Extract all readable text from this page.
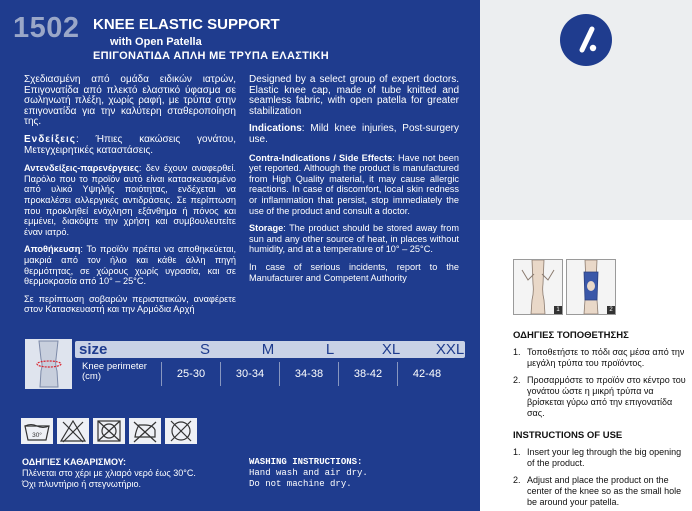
1502 KNEE ELASTIC SUPPORT
with Open Patella
ΕΠΙΓΟΝΑΤΙΔΑ ΑΠΛΗ ΜΕ ΤΡΥΠΑ ΕΛΑΣΤΙΚΗ

Σχεδιασμένη από ομάδα ειδικών ιατρών, Επιγονατίδα από πλεκτό ελαστικό ύφασμα σε σωληνωτή πλέξη, χωρίς ραφή, με τρύπα στην επιγονατίδα για την καλύτερη σταθεροποίηση της.

Ενδείξεις: Ήπιες κακώσεις γονάτου, Μετεγχειρητικές καταστάσεις.

Αντενδείξεις-παρενέργειες: δεν έχουν αναφερθεί. Παρόλο που το προϊόν αυτό είναι κατασκευασμένο από υλικό Υψηλής ποιότητας, ενδέχεται να προκαλέσει αλλεργικές αντιδράσεις. Σε περίπτωση που προκληθεί ενόχληση εξάνθημα ή πόνος και εμμένει, διακόψτε την χρήση και συμβουλευτείτε έναν ιατρό.

Αποθήκευση: Το προϊόν πρέπει να αποθηκεύεται, μακριά από τον ήλιο και κάθε άλλη πηγή θερμότητας, σε χώρους χωρίς υγρασία, και σε θερμοκρασία από 10° – 25°C.

Σε περίπτωση σοβαρών περιστατικών, αναφέρετε στον Κατασκευαστή και την Αρμόδια Αρχή

Designed by a select group of expert doctors. Elastic knee cap, made of tube knitted and seamless fabric, with open patella for greater stabilization

Indications: Mild knee injuries, Post-surgery use.

Contra-Indications / Side Effects: Have not been yet reported. Although the product is manufactured from High Quality material, it may cause allergic reactions. In case of discomfort, local skin redness or inflammation that persist, stop immediately the use of the product and consult a doctor.

Storage: The product should be stored away from sun and any other source of heat, in places without humidity, and at a temperature of 10° – 25°C.

In case of serious incidents, report to the Manufacturer and Competent Authority

size	S	M	L	XL	XXL
Knee perimeter (cm)	25-30	30-34	34-38	38-42	42-48
30°
ΟΔΗΓΙΕΣ ΚΑΘΑΡΙΣΜΟΥ:
Πλένεται στο χέρι με χλιαρό νερό έως 30°C.
Όχι πλυντήριο ή στεγνωτήριο.
WASHING INSTRUCTIONS:
Hand wash and air dry.
Do not machine dry.
1	2
ΟΔΗΓΙΕΣ ΤΟΠΟΘΕΤΗΣΗΣ
1. Τοποθετήστε το πόδι σας μέσα από την μεγάλη τρύπα του προϊόντος.
2. Προσαρμόστε το προϊόν στο κέντρο του γονάτου ώστε η μικρή τρύπα να βρίσκεται γύρω από την επιγονατίδα σας.
INSTRUCTIONS OF USE
1. Insert your leg through the big opening of the product.
2. Adjust and place the product on the center of the knee so as the small hole be around your patella.
